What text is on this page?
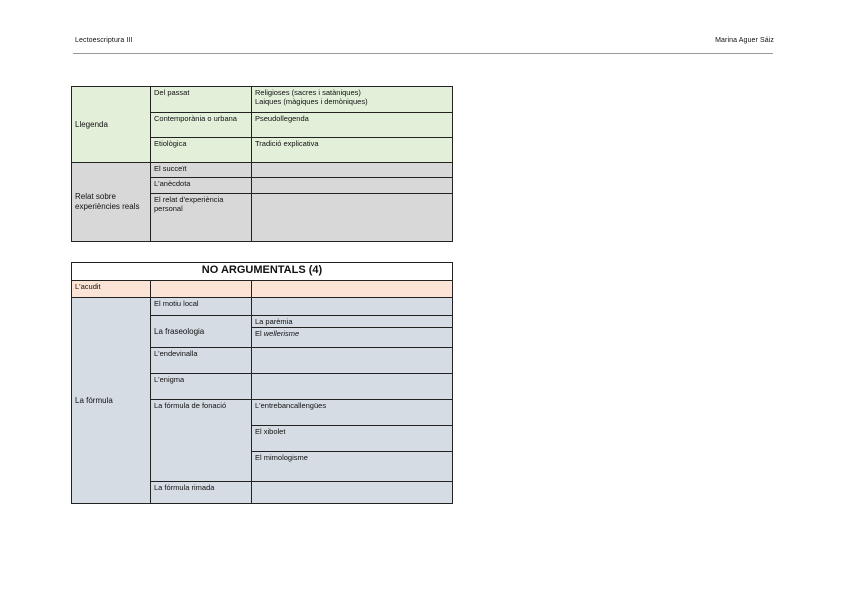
Lectoescriptura III	Marina Aguer Sáiz
Llegenda	Del passat	Religioses (sacres i satàniques)
Laiques (màgiques i demòniques)

	Contemporània o urbana	Pseudollegenda
	Etiològica	Tradició explicativa
Relat sobre experiències reals	El succeït	
	L'anècdota	
	El relat d'experiència personal	
NO ARGUMENTALS (4)		
L'acudit		
La fórmula	El motiu local	
	La fraseologia	La parèmia
		El wellerisme
	L'endevinalla	
	L'enigma	
	La fórmula de fonació	L'entrebancallengües
		El xibolet
		El mimologisme
	La fórmula rimada	
